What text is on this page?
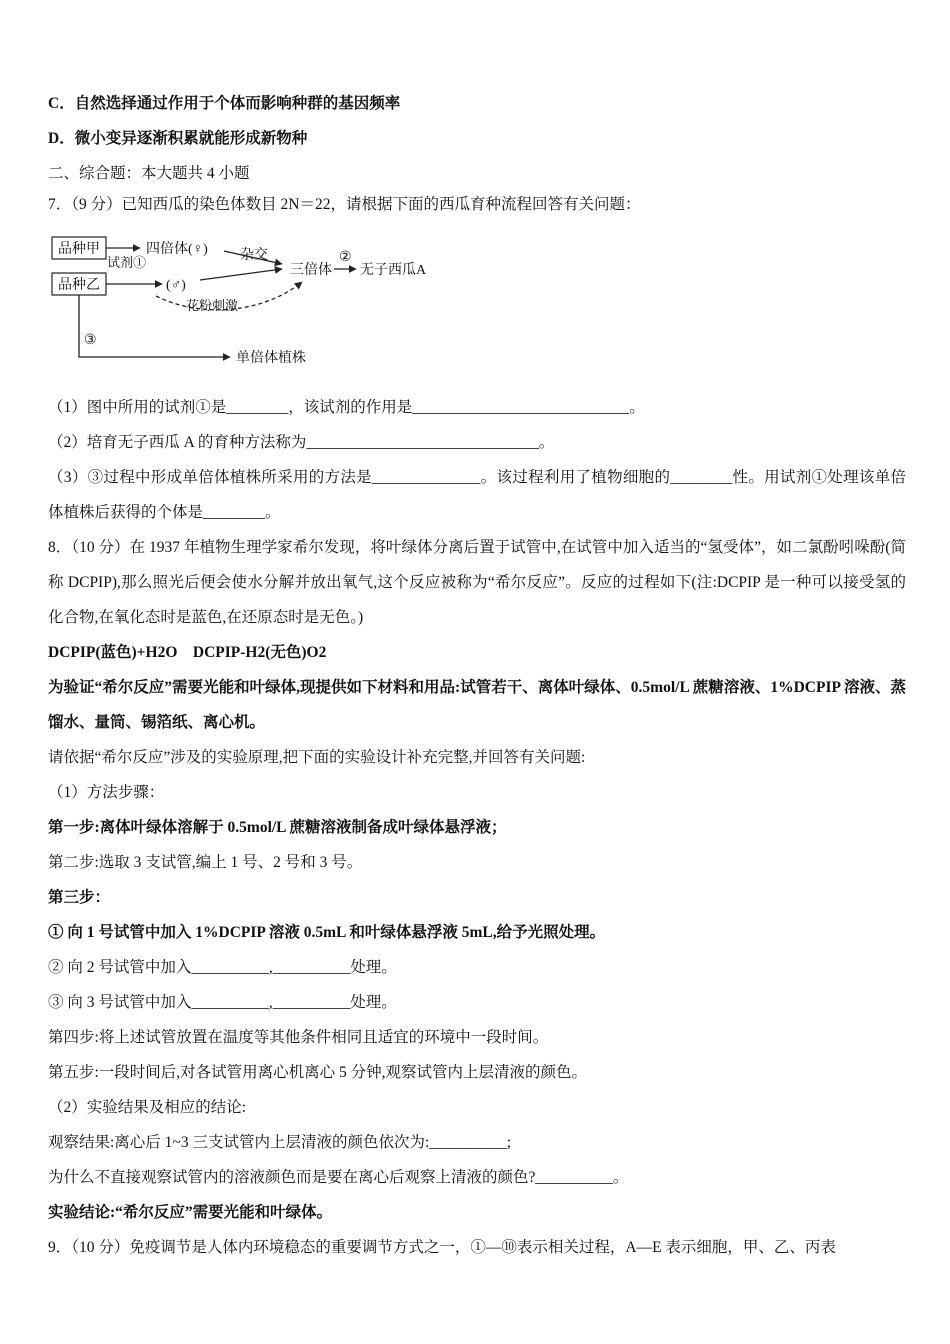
C．自然选择通过作用于个体而影响种群的基因频率

D．微小变异逐渐积累就能形成新物种

二、综合题：本大题共 4 小题

7．（9 分）已知西瓜的染色体数目 2N＝22，请根据下面的西瓜育种流程回答有关问题：

品种甲
试剂①
四倍体(♀) 杂交
三倍体
②
无子西瓜A
品种乙	(♂)
花粉刺激
③
单倍体植株

（1）图中所用的试剂①是________，该试剂的作用是____________________________。

（2）培育无子西瓜 A 的育种方法称为______________________________。

（3）③过程中形成单倍体植株所采用的方法是______________。该过程利用了植物细胞的________性。用试剂①处理该单倍体植株后获得的个体是________。

8．（10 分）在 1937 年植物生理学家希尔发现，将叶绿体分离后置于试管中,在试管中加入适当的“氢受体”，如二氯酚吲哚酚(简称 DCPIP),那么照光后便会使水分解并放出氧气,这个反应被称为“希尔反应”。反应的过程如下(注:DCPIP 是一种可以接受氢的化合物,在氧化态时是蓝色,在还原态时是无色。)

DCPIP(蓝色)+H2O　DCPIP-H2(无色)O2

为验证“希尔反应”需要光能和叶绿体,现提供如下材料和用品:试管若干、离体叶绿体、0.5mol/L 蔗糖溶液、1%DCPIP 溶液、蒸馏水、量筒、锡箔纸、离心机。

请依据“希尔反应”涉及的实验原理,把下面的实验设计补充完整,并回答有关问题:

（1）方法步骤：

第一步:离体叶绿体溶解于 0.5mol/L 蔗糖溶液制备成叶绿体悬浮液；

第二步:选取 3 支试管,编上 1 号、2 号和 3 号。

第三步：

① 向 1 号试管中加入 1%DCPIP 溶液 0.5mL 和叶绿体悬浮液 5mL,给予光照处理。

② 向 2 号试管中加入__________,__________处理。

③ 向 3 号试管中加入__________,__________处理。

第四步:将上述试管放置在温度等其他条件相同且适宜的环境中一段时间。

第五步:一段时间后,对各试管用离心机离心 5 分钟,观察试管内上层清液的颜色。

（2）实验结果及相应的结论:

观察结果:离心后 1~3 三支试管内上层清液的颜色依次为:__________;

为什么不直接观察试管内的溶液颜色而是要在离心后观察上清液的颜色?__________。

实验结论:“希尔反应”需要光能和叶绿体。

9．（10 分）免疫调节是人体内环境稳态的重要调节方式之一，①—⑩表示相关过程，A—E 表示细胞，甲、乙、丙表
